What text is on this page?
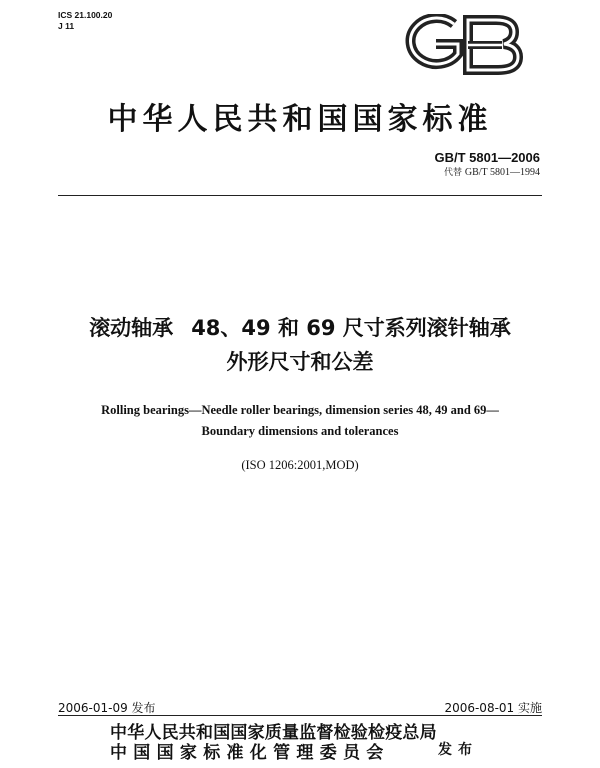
ICS 21.100.20
J 11
中华人民共和国国家标准
GB/T 5801—2006
代替 GB/T 5801—1994
滚动轴承 48、49 和 69 尺寸系列滚针轴承
外形尺寸和公差
Rolling bearings—Needle roller bearings, dimension series 48, 49 and 69—
Boundary dimensions and tolerances
(ISO 1206:2001,MOD)
2006-01-09 发布	2006-08-01 实施
中华人民共和国国家质量监督检验检疫总局
中国国家标准化管理委员会	发布
